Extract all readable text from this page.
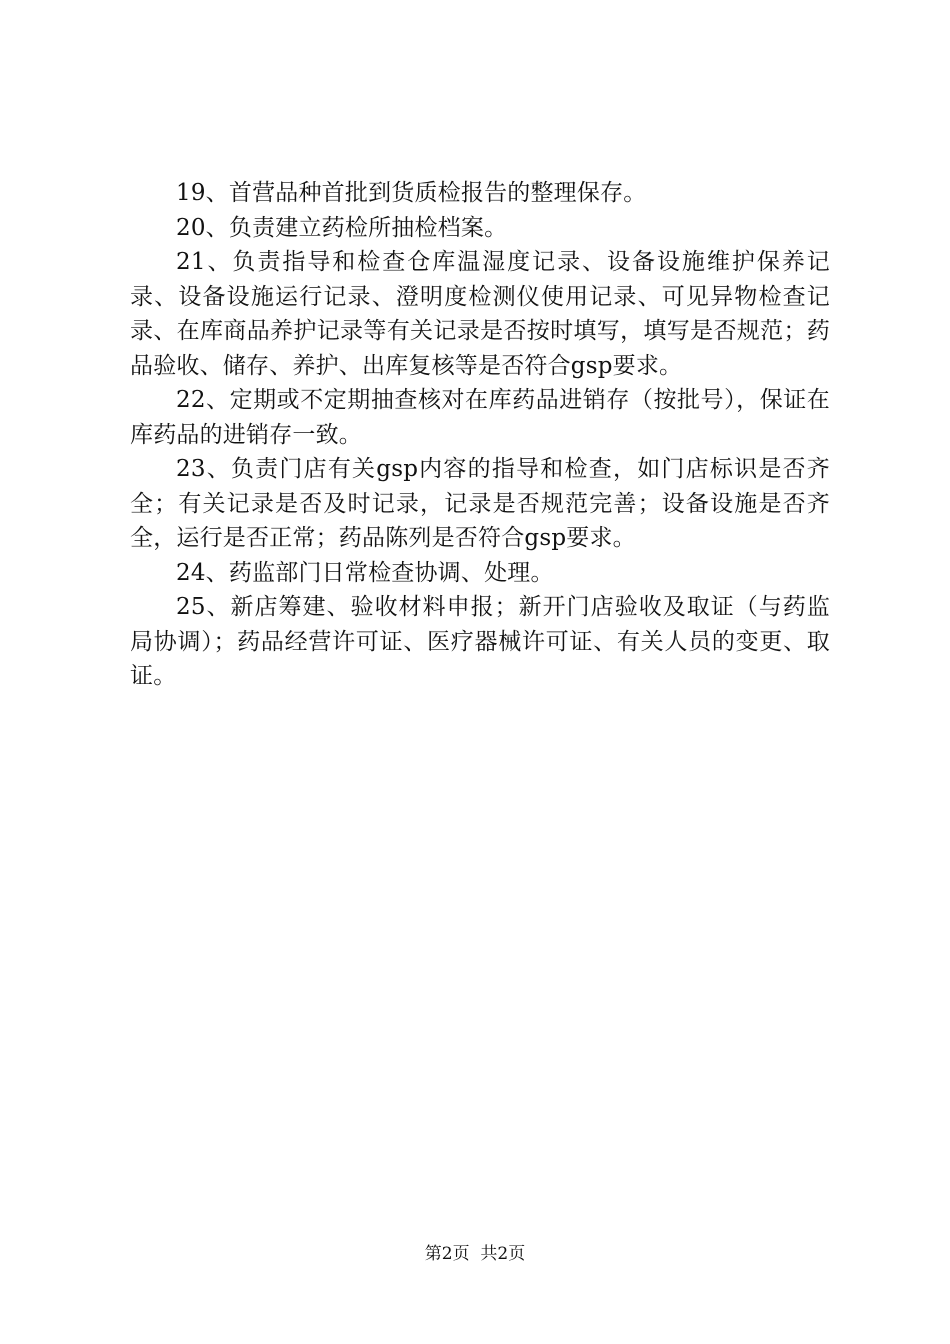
19、首营品种首批到货质检报告的整理保存。

20、负责建立药检所抽检档案。

21、负责指导和检查仓库温湿度记录、设备设施维护保养记录、设备设施运行记录、澄明度检测仪使用记录、可见异物检查记录、在库商品养护记录等有关记录是否按时填写，填写是否规范；药品验收、储存、养护、出库复核等是否符合gsp要求。

22、定期或不定期抽查核对在库药品进销存（按批号），保证在库药品的进销存一致。

23、负责门店有关gsp内容的指导和检查，如门店标识是否齐全；有关记录是否及时记录，记录是否规范完善；设备设施是否齐全，运行是否正常；药品陈列是否符合gsp要求。

24、药监部门日常检查协调、处理。

25、新店筹建、验收材料申报；新开门店验收及取证（与药监局协调）；药品经营许可证、医疗器械许可证、有关人员的变更、取证。

第2页  共2页
